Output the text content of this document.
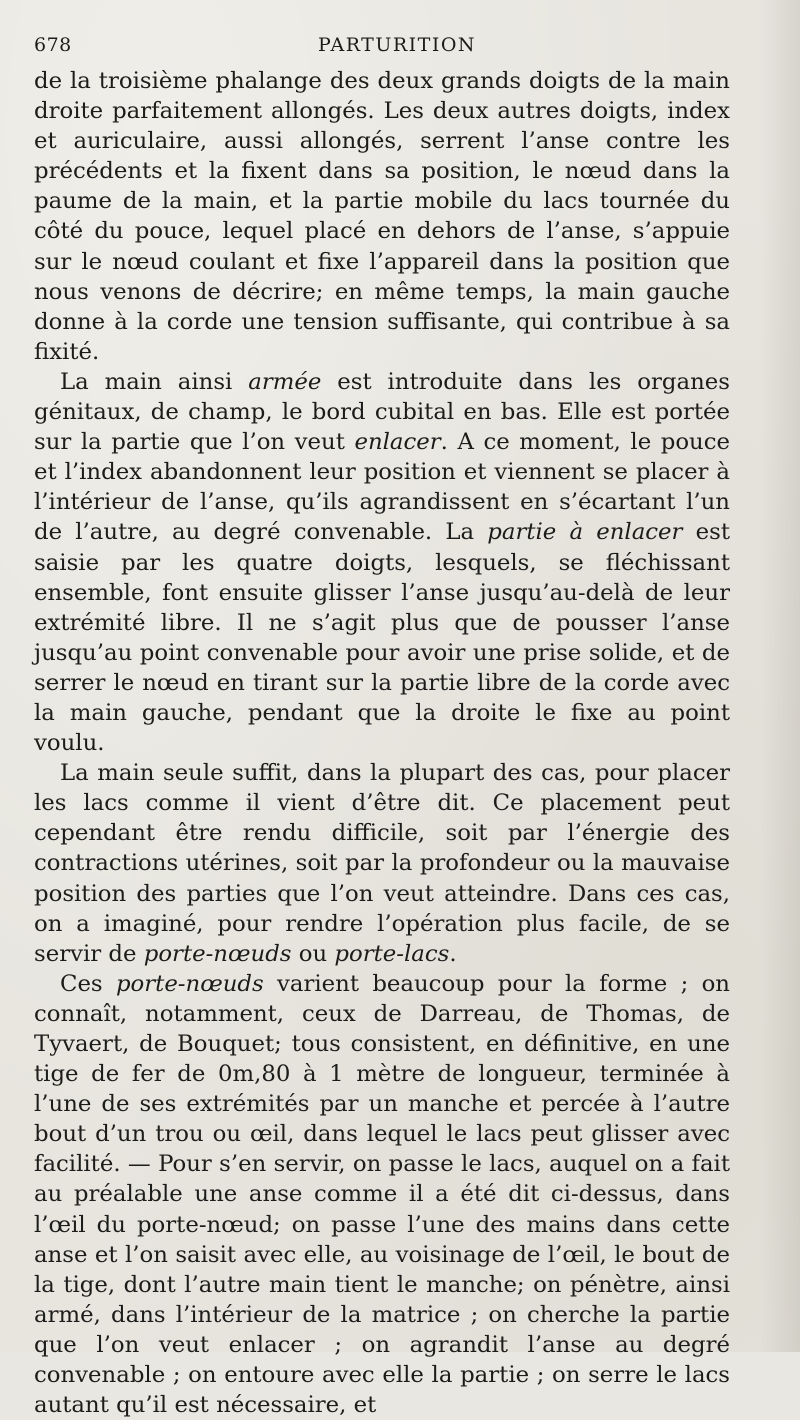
678	PARTURITION

de la troisième phalange des deux grands doigts de la main droite parfaitement allongés. Les deux autres doigts, index et auriculaire, aussi allongés, serrent l’anse contre les précédents et la fixent dans sa position, le nœud dans la paume de la main, et la partie mobile du lacs tournée du côté du pouce, lequel placé en dehors de l’anse, s’appuie sur le nœud coulant et fixe l’appareil dans la position que nous venons de décrire; en même temps, la main gauche donne à la corde une tension suffisante, qui contribue à sa fixité.

La main ainsi armée est introduite dans les organes génitaux, de champ, le bord cubital en bas. Elle est portée sur la partie que l’on veut enlacer. A ce moment, le pouce et l’index abandonnent leur position et viennent se placer à l’intérieur de l’anse, qu’ils agrandissent en s’écartant l’un de l’autre, au degré convenable. La partie à enlacer est saisie par les quatre doigts, lesquels, se fléchissant ensemble, font ensuite glisser l’anse jusqu’au-delà de leur extrémité libre. Il ne s’agit plus que de pousser l’anse jusqu’au point convenable pour avoir une prise solide, et de serrer le nœud en tirant sur la partie libre de la corde avec la main gauche, pendant que la droite le fixe au point voulu.

La main seule suffit, dans la plupart des cas, pour placer les lacs comme il vient d’être dit. Ce placement peut cependant être rendu difficile, soit par l’énergie des contractions utérines, soit par la profondeur ou la mauvaise position des parties que l’on veut atteindre. Dans ces cas, on a imaginé, pour rendre l’opération plus facile, de se servir de porte-nœuds ou porte-lacs.

Ces porte-nœuds varient beaucoup pour la forme ; on connaît, notamment, ceux de Darreau, de Thomas, de Tyvaert, de Bouquet; tous consistent, en définitive, en une tige de fer de 0m,80 à 1 mètre de longueur, terminée à l’une de ses extrémités par un manche et percée à l’autre bout d’un trou ou œil, dans lequel le lacs peut glisser avec facilité. — Pour s’en servir, on passe le lacs, auquel on a fait au préalable une anse comme il a été dit ci-dessus, dans l’œil du porte-nœud; on passe l’une des mains dans cette anse et l’on saisit avec elle, au voisinage de l’œil, le bout de la tige, dont l’autre main tient le manche; on pénètre, ainsi armé, dans l’intérieur de la matrice ; on cherche la partie que l’on veut enlacer ; on agrandit l’anse au degré convenable ; on entoure avec elle la partie ; on serre le lacs autant qu’il est nécessaire, et
